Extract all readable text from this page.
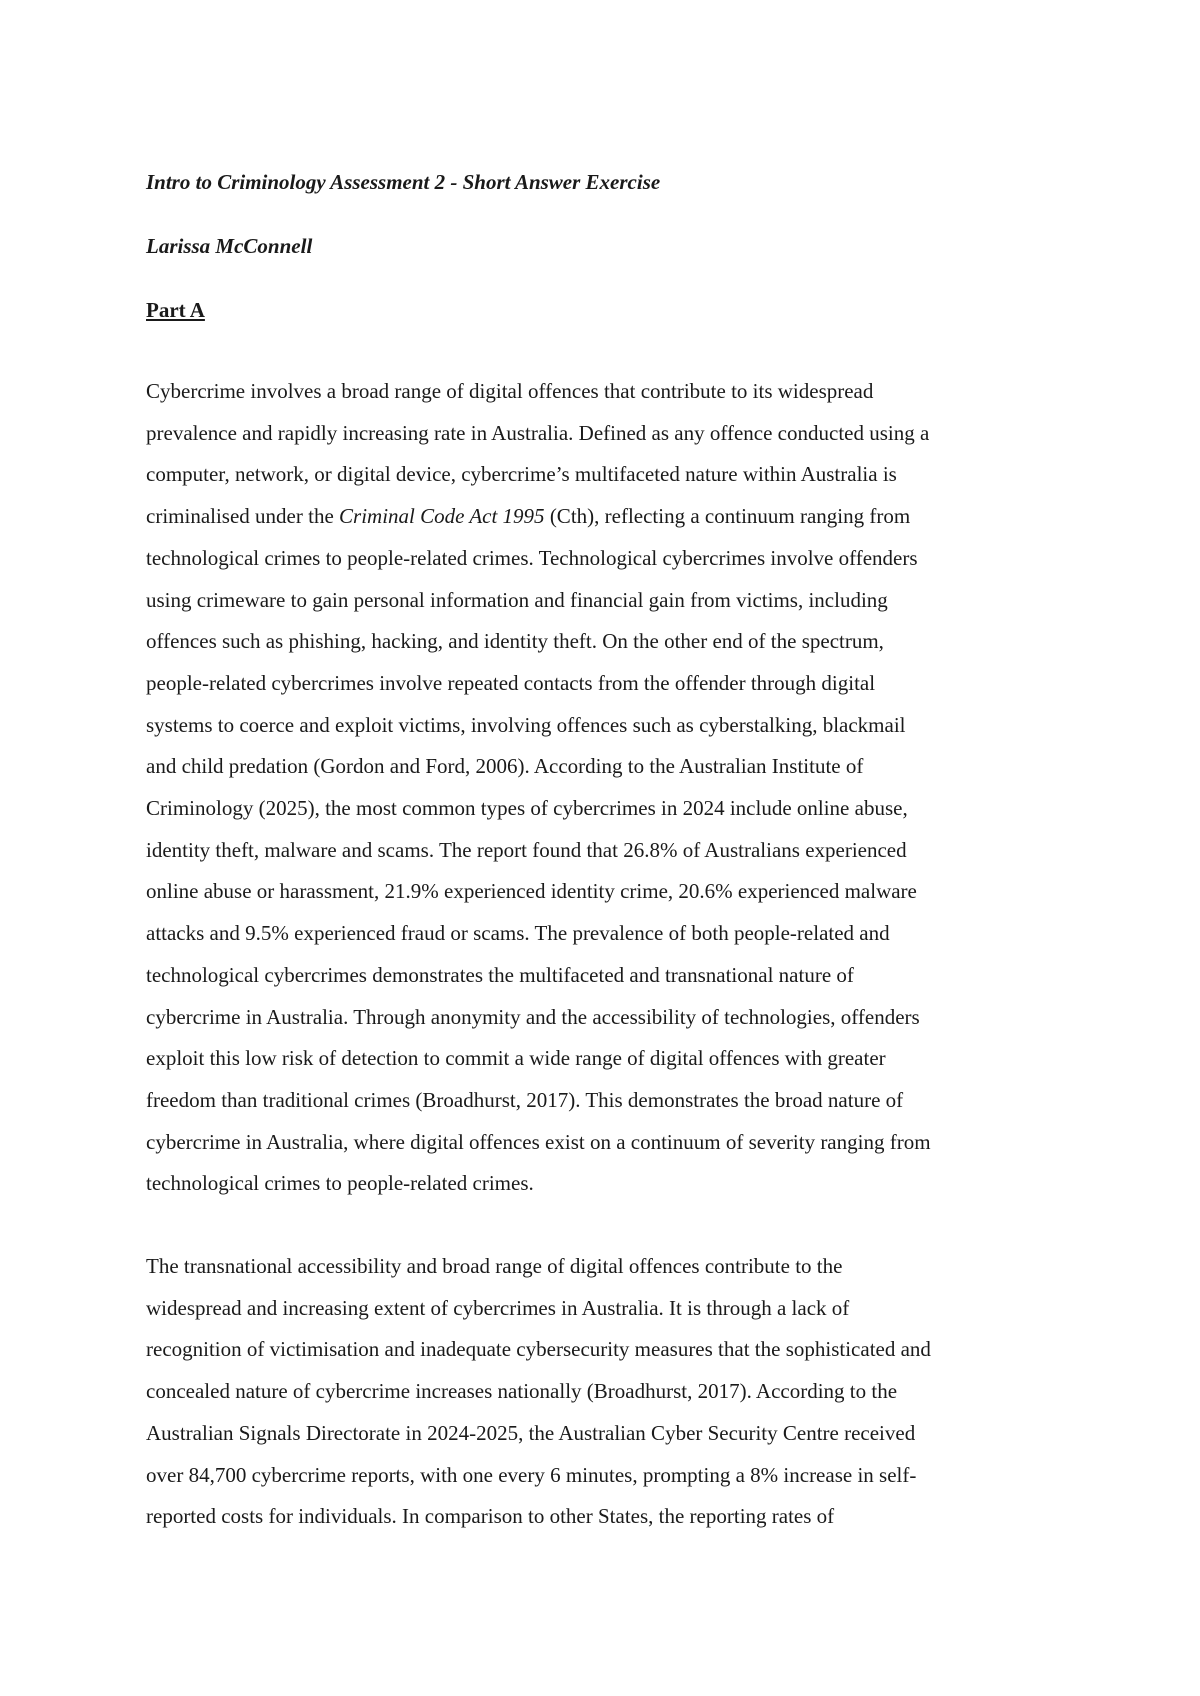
Intro to Criminology Assessment 2 - Short Answer Exercise

Larissa McConnell

Part A

Cybercrime involves a broad range of digital offences that contribute to its widespread
prevalence and rapidly increasing rate in Australia. Defined as any offence conducted using a
computer, network, or digital device, cybercrime’s multifaceted nature within Australia is
criminalised under the Criminal Code Act 1995 (Cth), reflecting a continuum ranging from
technological crimes to people-related crimes. Technological cybercrimes involve offenders
using crimeware to gain personal information and financial gain from victims, including
offences such as phishing, hacking, and identity theft. On the other end of the spectrum,
people-related cybercrimes involve repeated contacts from the offender through digital
systems to coerce and exploit victims, involving offences such as cyberstalking, blackmail
and child predation (Gordon and Ford, 2006). According to the Australian Institute of
Criminology (2025), the most common types of cybercrimes in 2024 include online abuse,
identity theft, malware and scams. The report found that 26.8% of Australians experienced
online abuse or harassment, 21.9% experienced identity crime, 20.6% experienced malware
attacks and 9.5% experienced fraud or scams. The prevalence of both people-related and
technological cybercrimes demonstrates the multifaceted and transnational nature of
cybercrime in Australia. Through anonymity and the accessibility of technologies, offenders
exploit this low risk of detection to commit a wide range of digital offences with greater
freedom than traditional crimes (Broadhurst, 2017). This demonstrates the broad nature of
cybercrime in Australia, where digital offences exist on a continuum of severity ranging from
technological crimes to people-related crimes.

The transnational accessibility and broad range of digital offences contribute to the
widespread and increasing extent of cybercrimes in Australia. It is through a lack of
recognition of victimisation and inadequate cybersecurity measures that the sophisticated and
concealed nature of cybercrime increases nationally (Broadhurst, 2017). According to the
Australian Signals Directorate in 2024-2025, the Australian Cyber Security Centre received
over 84,700 cybercrime reports, with one every 6 minutes, prompting a 8% increase in self-
reported costs for individuals. In comparison to other States, the reporting rates of
